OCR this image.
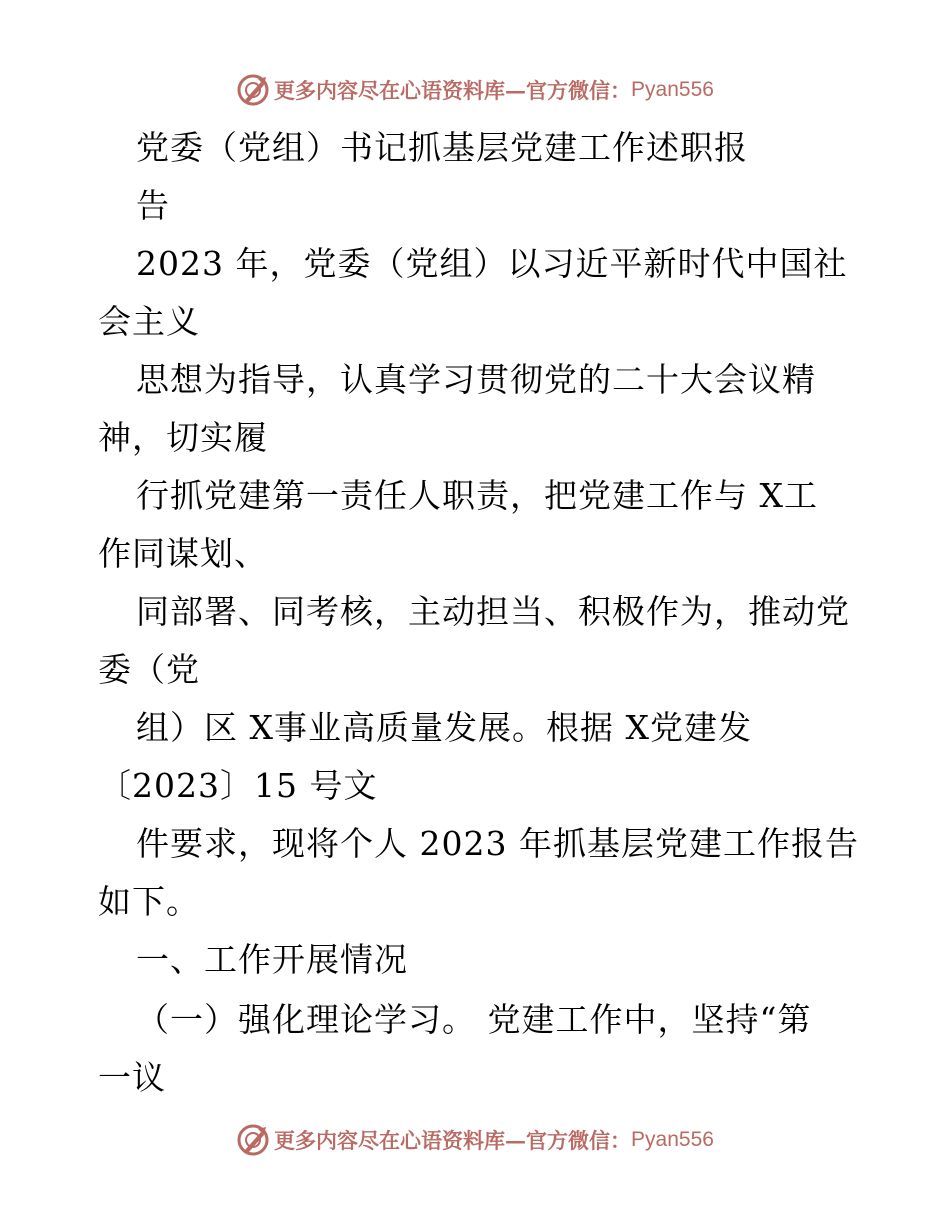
更多内容尽在心语资料库—官方微信： Pyan556
党委（党组）书记抓基层党建工作述职报
告
2023 年，党委（党组）以习近平新时代中国社
会主义
思想为指导，认真学习贯彻党的二十大会议精
神，切实履
行抓党建第一责任人职责，把党建工作与 X工
作同谋划、
同部署、同考核，主动担当、积极作为，推动党
委（党
组）区 X事业高质量发展。根据 X党建发
〔2023〕15 号文
件要求，现将个人 2023 年抓基层党建工作报告
如下。
一、工作开展情况
（一）强化理论学习。 党建工作中，坚持“第
一议
更多内容尽在心语资料库—官方微信： Pyan556
